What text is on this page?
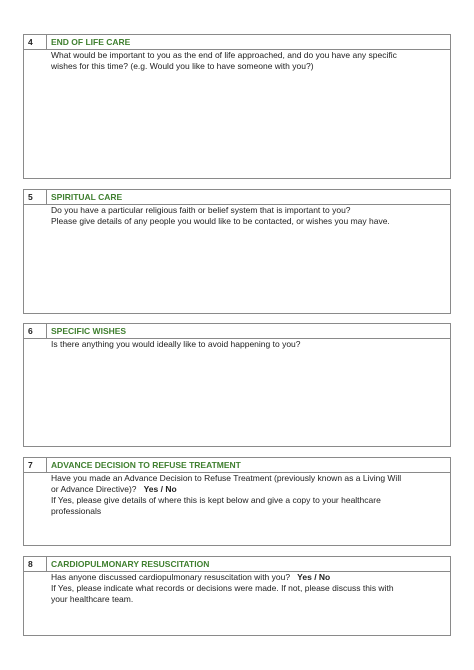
4	END OF LIFE CARE

What would be important to you as the end of life approached, and do you have any specific

wishes for this time? (e.g. Would you like to have someone with you?)

5	SPIRITUAL CARE

Do you have a particular religious faith or belief system that is important to you?

Please give details of any people you would like to be contacted, or wishes you may have.

6	SPECIFIC WISHES

Is there anything you would ideally like to avoid happening to you?

7	ADVANCE DECISION TO REFUSE TREATMENT

Have you made an Advance Decision to Refuse Treatment (previously known as a Living Will

or Advance Directive)? Yes / No

If Yes, please give details of where this is kept below and give a copy to your healthcare

professionals

8	CARDIOPULMONARY RESUSCITATION

Has anyone discussed cardiopulmonary resuscitation with you? Yes / No

If Yes, please indicate what records or decisions were made. If not, please discuss this with

your healthcare team.
